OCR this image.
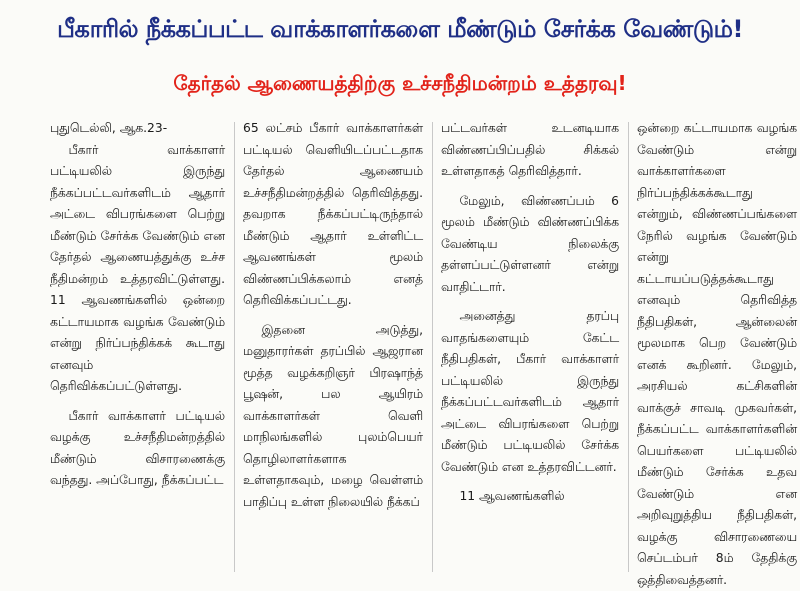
பீகாரில் நீக்கப்பட்ட வாக்காளர்களை மீண்டும் சேர்க்க வேண்டும்!
தேர்தல் ஆணையத்திற்கு உச்சநீதிமன்றம் உத்தரவு!

புதுடெல்லி, ஆக.23-

பீகார் வாக்காளர் பட்டியலில் இருந்து நீக்கப்பட்டவர்களிடம் ஆதார் அட்டை விபரங்களை பெற்று மீண்டும் சேர்க்க வேண்டும் என தேர்தல் ஆணையத்துக்கு உச்ச நீதிமன்றம் உத்தரவிட்டுள்ளது. 11 ஆவணங்களில் ஒன்றை கட்டாயமாக வழங்க வேண்டும் என்று நிர்ப்பந்திக்கக் கூடாது எனவும் தெரிவிக்கப்பட்டுள்ளது.

பீகார் வாக்காளர் பட்டியல் வழக்கு உச்சநீதிமன்றத்தில் மீண்டும் விசாரணைக்கு வந்தது. அப்போது, நீக்கப்பட்ட

65 லட்சம் பீகார் வாக்காளர்கள் பட்டியல் வெளியிடப்பட்டதாக தேர்தல் ஆணையம் உச்சநீதிமன்றத்தில் தெரிவித்தது. தவறாக நீக்கப்பட்டிருந்தால் மீண்டும் ஆதார் உள்ளிட்ட ஆவணங்கள் மூலம் விண்ணப்பிக்கலாம் எனத் தெரிவிக்கப்பட்டது.

இதனை அடுத்து, மனுதாரர்கள் தரப்பில் ஆஜரான மூத்த வழக்கறிஞர் பிரஷாந்த் பூஷன், பல ஆயிரம் வாக்காளர்கள் வெளி மாநிலங்களில் புலம்பெயர் தொழிலாளர்களாக உள்ளதாகவும், மழை வெள்ளம் பாதிப்பு உள்ள நிலையில் நீக்கப்

பட்டவர்கள் உடனடியாக விண்ணப்பிப்பதில் சிக்கல் உள்ளதாகத் தெரிவித்தார்.

மேலும், விண்ணப்பம் 6 மூலம் மீண்டும் விண்ணப்பிக்க வேண்டிய நிலைக்கு தள்ளப்பட்டுள்ளனர் என்று வாதிட்டார்.

அனைத்து தரப்பு வாதங்களையும் கேட்ட நீதிபதிகள், பீகார் வாக்காளர் பட்டியலில் இருந்து நீக்கப்பட்டவர்களிடம் ஆதார் அட்டை விபரங்களை பெற்று மீண்டும் பட்டியலில் சேர்க்க வேண்டும் என உத்தரவிட்டனர்.

11 ஆவணங்களில்

ஒன்றை கட்டாயமாக வழங்க வேண்டும் என்று வாக்காளர்களை நிர்ப்பந்திக்கக்கூடாது என்றும், விண்ணப்பங்களை நேரில் வழங்க வேண்டும் என்று கட்டாயப்படுத்தக்கூடாது எனவும் தெரிவித்த நீதிபதிகள், ஆன்லைன் மூலமாக பெற வேண்டும் எனக் கூறினர். மேலும், அரசியல் கட்சிகளின் வாக்குச் சாவடி முகவர்கள், நீக்கப்பட்ட வாக்காளர்களின் பெயர்களை பட்டியலில் மீண்டும் சேர்க்க உதவ வேண்டும் என அறிவுறுத்திய நீதிபதிகள், வழக்கு விசாரணையை செப்டம்பர் 8ம் தேதிக்கு ஒத்திவைத்தனர்.
